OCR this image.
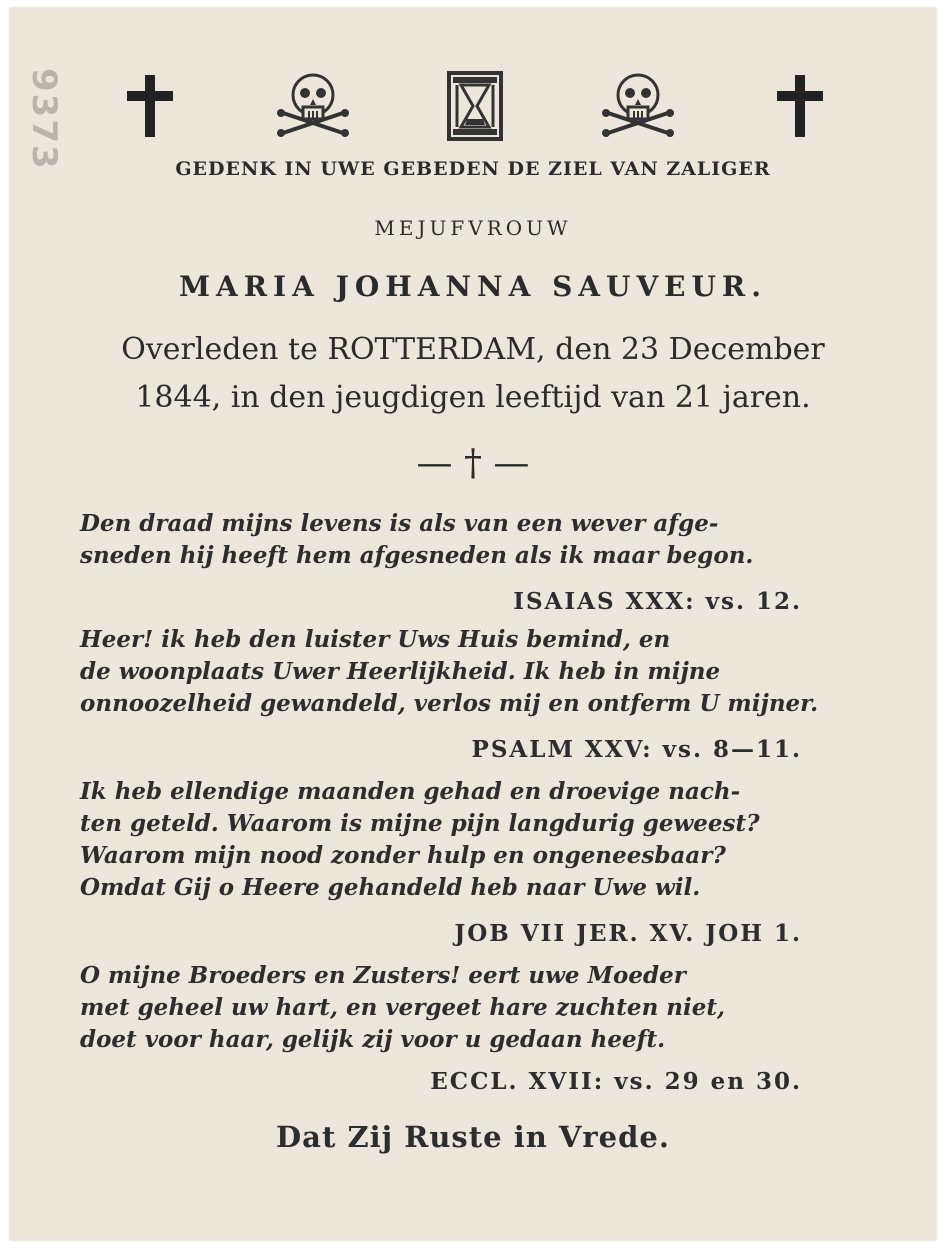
9373	GEDENK IN UWE GEBEDEN DE ZIEL VAN ZALIGER
MEJUFVROUW
MARIA JOHANNA SAUVEUR.
Overleden te ROTTERDAM, den 23 December
1844, in den jeugdigen leeftijd van 21 jaren.
— † —
Den draad mijns levens is als van een wever afge-
sneden hij heeft hem afgesneden als ik maar begon.
ISAIAS XXX: vs. 12.
Heer! ik heb den luister Uws Huis bemind, en
de woonplaats Uwer Heerlijkheid. Ik heb in mijne
onnoozelheid gewandeld, verlos mij en ontferm U mijner.
PSALM XXV: vs. 8—11.
Ik heb ellendige maanden gehad en droevige nach-
ten geteld. Waarom is mijne pijn langdurig geweest?
Waarom mijn nood zonder hulp en ongeneesbaar?
Omdat Gij o Heere gehandeld heb naar Uwe wil.
JOB VII JER. XV. JOH 1.
O mijne Broeders en Zusters! eert uwe Moeder
met geheel uw hart, en vergeet hare zuchten niet,
doet voor haar, gelijk zij voor u gedaan heeft.
ECCL. XVII: vs. 29 en 30.
Dat Zij Ruste in Vrede.
